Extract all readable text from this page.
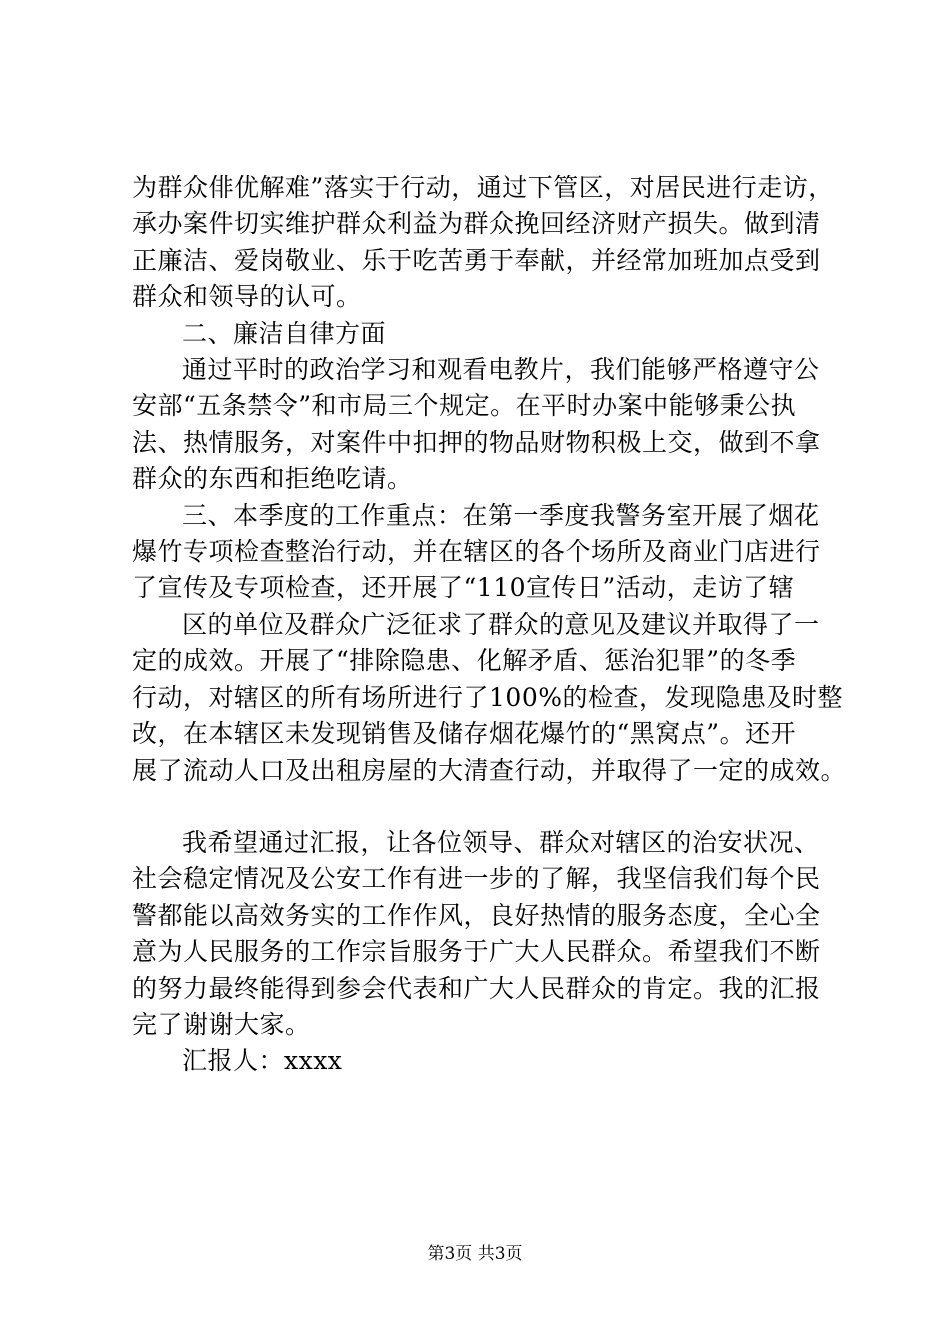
为群众俳优解难”落实于行动，通过下管区，对居民进行走访，
承办案件切实维护群众利益为群众挽回经济财产损失。做到清
正廉洁、爱岗敬业、乐于吃苦勇于奉献，并经常加班加点受到
群众和领导的认可。
二、廉洁自律方面
通过平时的政治学习和观看电教片，我们能够严格遵守公
安部“五条禁令”和市局三个规定。在平时办案中能够秉公执
法、热情服务，对案件中扣押的物品财物积极上交，做到不拿
群众的东西和拒绝吃请。
三、本季度的工作重点：在第一季度我警务室开展了烟花
爆竹专项检查整治行动，并在辖区的各个场所及商业门店进行
了宣传及专项检查，还开展了“110宣传日”活动，走访了辖
区的单位及群众广泛征求了群众的意见及建议并取得了一
定的成效。开展了“排除隐患、化解矛盾、惩治犯罪”的冬季
行动，对辖区的所有场所进行了100%的检查，发现隐患及时整
改，在本辖区未发现销售及储存烟花爆竹的“黑窝点”。还开
展了流动人口及出租房屋的大清查行动，并取得了一定的成效。
我希望通过汇报，让各位领导、群众对辖区的治安状况、
社会稳定情况及公安工作有进一步的了解，我坚信我们每个民
警都能以高效务实的工作作风，良好热情的服务态度，全心全
意为人民服务的工作宗旨服务于广大人民群众。希望我们不断
的努力最终能得到参会代表和广大人民群众的肯定。我的汇报
完了谢谢大家。
汇报人：xxxx
第3页 共3页
